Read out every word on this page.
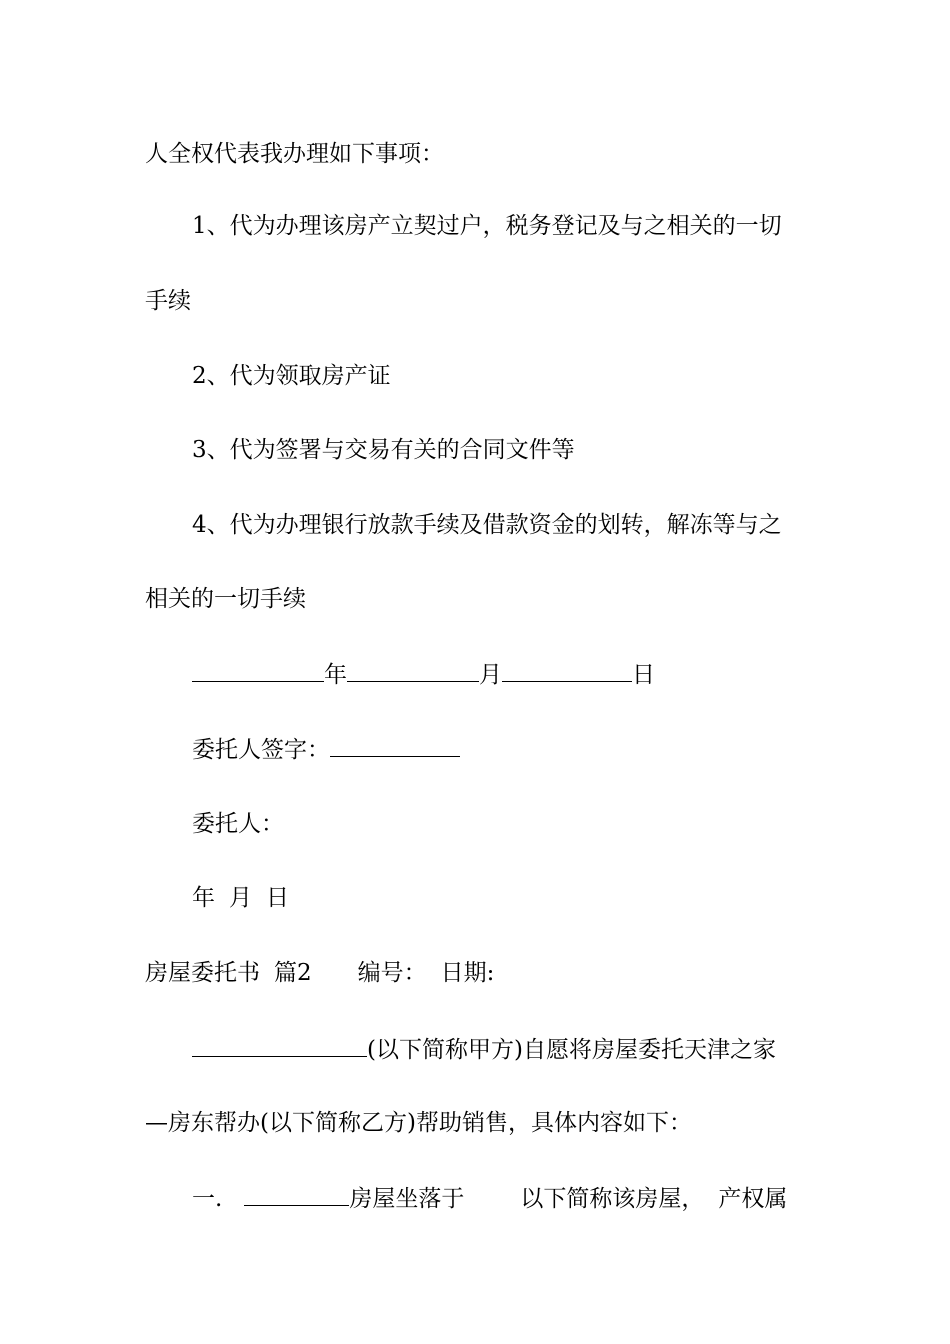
人全权代表我办理如下事项：
1、代为办理该房产立契过户，税务登记及与之相关的一切
手续
2、代为领取房产证
3、代为签署与交易有关的合同文件等
4、代为办理银行放款手续及借款资金的划转，解冻等与之
相关的一切手续
年	月	日
委托人签字：
委托人：
年 月 日
房屋委托书 篇2 编号： 日期:
(以下简称甲方)自愿将房屋委托天津之家
—房东帮办(以下简称乙方)帮助销售，具体内容如下：
一.	房屋坐落于 以下简称该房屋， 产权属
